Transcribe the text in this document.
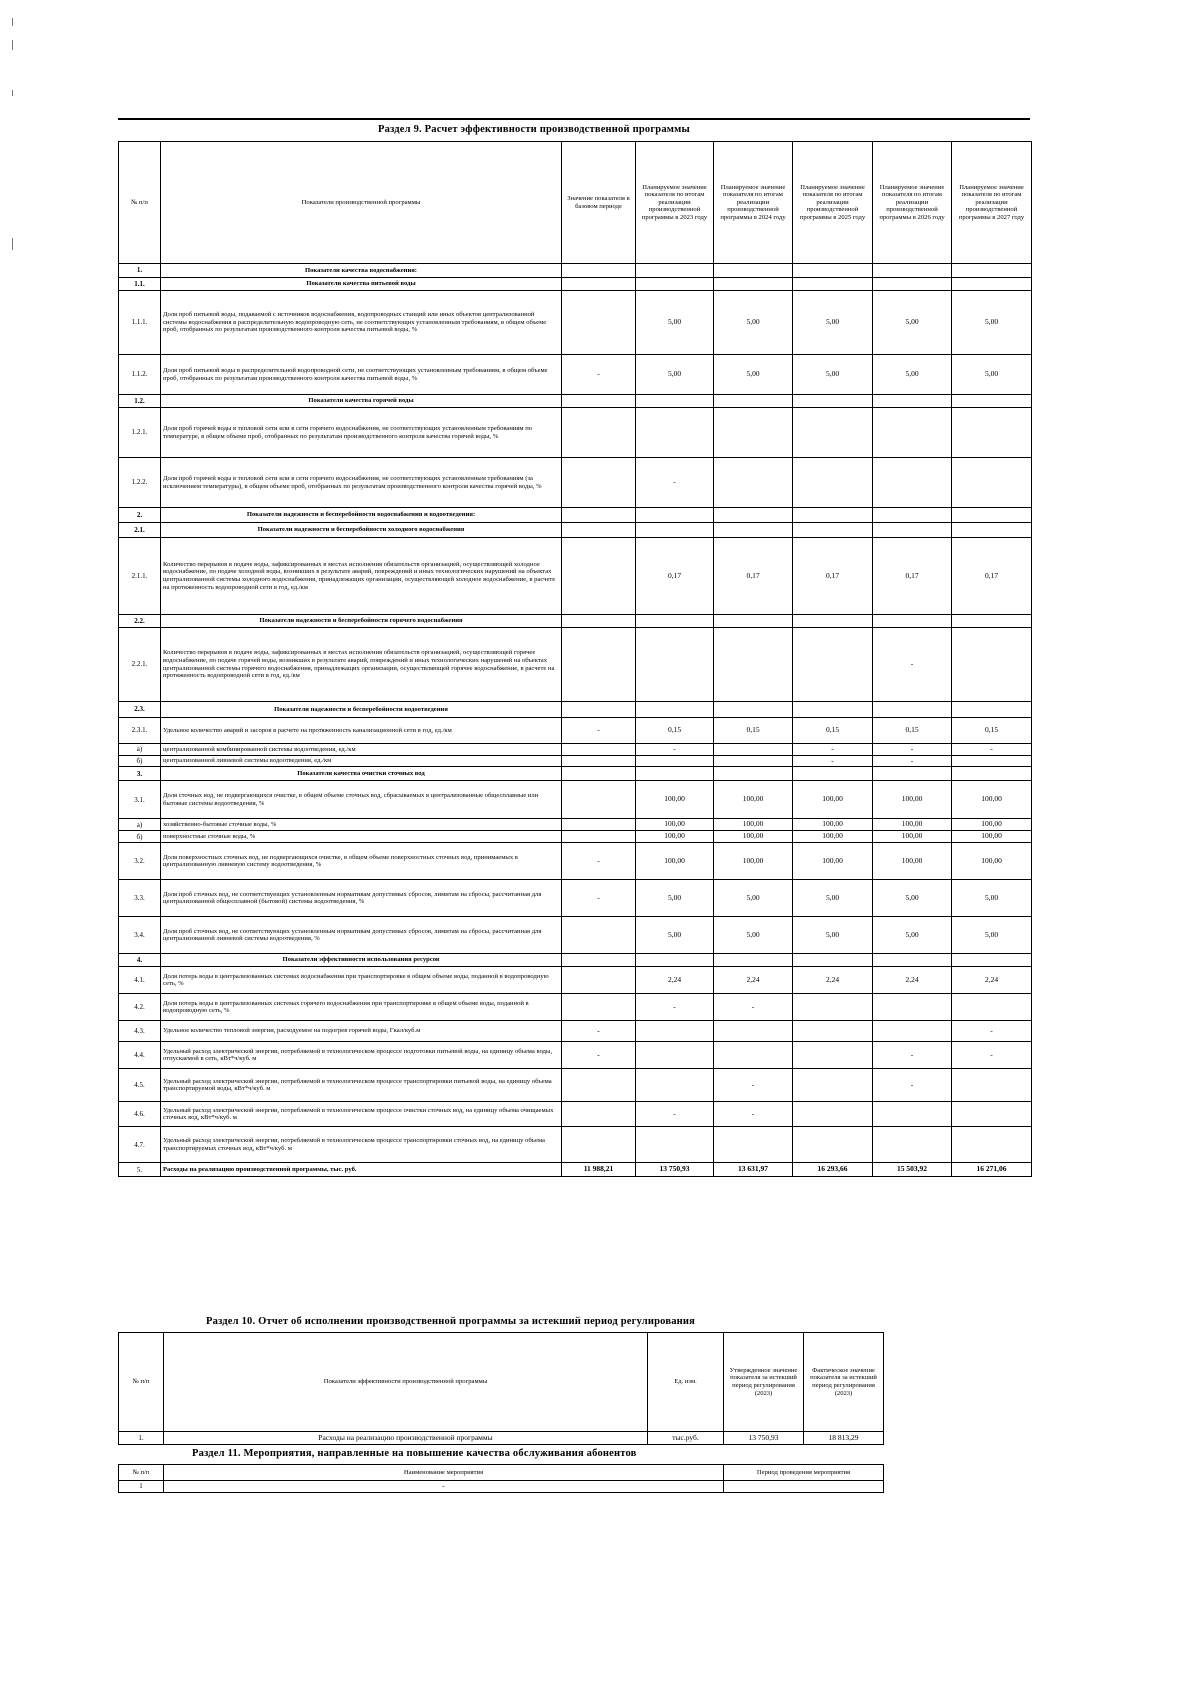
Раздел 9. Расчет эффективности производственной программы
№ п/п	Показатели производственной программы	Значение показателя в базовом периоде	Планируемое значение показателя по итогам реализации производственной программы в 2023 году	Планируемое значение показателя по итогам реализации производственной программы в 2024 году	Планируемое значение показателя по итогам реализации производственной программы в 2025 году	Планируемое значение показателя по итогам реализации производственной программы в 2026 году	Планируемое значение показателя по итогам реализации производственной программы в 2027 году
1.	Показатели качества водоснабжения:						
1.1.	Показатели качества питьевой воды						
1.1.1.	Доля проб питьевой воды, подаваемой с источников водоснабжения, водопроводных станций или иных объектов централизованной системы водоснабжения в распределительную водопроводную сеть, не соответствующих установленным требованиям, в общем объеме проб, отобранных по результатам производственного контроля качества питьевой воды, %		5,00	5,00	5,00	5,00	5,00
1.1.2.	Доля проб питьевой воды в распределительной водопроводной сети, не соответствующих установленным требованиям, в общем объеме проб, отобранных по результатам производственного контроля качества питьевой воды, %	-	5,00	5,00	5,00	5,00	5,00
1.2.	Показатели качества горячей воды						
1.2.1.	Доля проб горячей воды в тепловой сети или в сети горячего водоснабжения, не соответствующих установленным требованиям по температуре, в общем объеме проб, отобранных по результатам производственного контроля качества горячей воды, %						
1.2.2.	Доля проб горячей воды в тепловой сети или в сети горячего водоснабжения, не соответствующих установленным требованиям (за исключением температуры), в общем объеме проб, отобранных по результатам производственного контроля качества горячей воды, %		-				
2.	Показатели надежности и бесперебойности водоснабжения и водоотведения:						
2.1.	Показатели надежности и бесперебойности холодного водоснабжения						
2.1.1.	Количество перерывов в подаче воды, зафиксированных в местах исполнения обязательств организацией, осуществляющей холодное водоснабжение, по подаче холодной воды, возникших в результате аварий, повреждений и иных технологических нарушений на объектах централизованной системы холодного водоснабжения, принадлежащих организации, осуществляющей холодное водоснабжение, в расчете на протяженность водопроводной сети в год, ед./км		0,17	0,17	0,17	0,17	0,17
2.2.	Показатели надежности и бесперебойности горячего водоснабжения						
2.2.1.	Количество перерывов в подаче воды, зафиксированных в местах исполнения обязательств организацией, осуществляющей горячее водоснабжение, по подаче горячей воды, возникших в результате аварий, повреждений и иных технологических нарушений на объектах централизованной системы горячего водоснабжения, принадлежащих организации, осуществляющей горячее водоснабжение, в расчете на протяженность водопроводной сети в год, ед./км					-	
2.3.	Показатели надежности и бесперебойности водоотведения						
2.3.1.	Удельное количество аварий и засоров в расчете на протяженность канализационной сети в год, ед./км	-	0,15	0,15	0,15	0,15	0,15
а)	централизованной комбинированной системы водоотведения, ед./км		-		-	-	-
б)	централизованной ливневой системы водоотведения, ед./км				-	-	
3.	Показатели качества очистки сточных вод						
3.1.	Доля сточных вод, не подвергающихся очистке, в общем объеме сточных вод, сбрасываемых в централизованные общесплавные или бытовые системы водоотведения, %		100,00	100,00	100,00	100,00	100,00
а)	хозяйственно-бытовые сточные воды, %		100,00	100,00	100,00	100,00	100,00
б)	поверхностные сточные воды, %		100,00	100,00	100,00	100,00	100,00
3.2.	Доля поверхностных сточных вод, не подвергающихся очистке, в общем объеме поверхностных сточных вод, принимаемых в централизованную ливневую систему водоотведения, %	-	100,00	100,00	100,00	100,00	100,00
3.3.	Доля проб сточных вод, не соответствующих установленным нормативам допустимых сбросов, лимитам на сбросы, рассчитанная для централизованной общесплавной (бытовой) системы водоотведения, %	-	5,00	5,00	5,00	5,00	5,00
3.4.	Доля проб сточных вод, не соответствующих установленным нормативам допустимых сбросов, лимитам на сбросы, рассчитанная для централизованной ливневой системы водоотведения, %		5,00	5,00	5,00	5,00	5,00
4.	Показатели эффективности использования ресурсов						
4.1.	Доля потерь воды в централизованных системах водоснабжения при транспортировке в общем объеме воды, поданной в водопроводную сеть, %		2,24	2,24	2,24	2,24	2,24
4.2.	Доля потерь воды в централизованных системах горячего водоснабжения при транспортировке в общем объеме воды, поданной в водопроводную сеть, %		-	-			
4.3.	Удельное количество тепловой энергии, расходуемое на подогрев горячей воды, Гкал/куб.м	-					-
4.4.	Удельный расход электрической энергии, потребляемой в технологическом процессе подготовки питьевой воды, на единицу объема воды, отпускаемой в сеть, кВт*ч/куб. м	-				-	-
4.5.	Удельный расход электрической энергии, потребляемой в технологическом процессе транспортировки питьевой воды, на единицу объема транспортируемой воды, кВт*ч/куб. м			-		-	
4.6.	Удельный расход электрической энергии, потребляемой в технологическом процессе очистки сточных вод, на единицу объема очищаемых сточных вод, кВт*ч/куб. м		-	-			
4.7.	Удельный расход электрической энергии, потребляемой в технологическом процессе транспортировки сточных вод, на единицу объема транспортируемых сточных вод, кВт*ч/куб. м						
5.	Расходы на реализацию производственной программы, тыс. руб.	11 988,21	13 750,93	13 631,97	16 293,66	15 503,92	16 271,06
Раздел 10. Отчет об исполнении производственной программы за истекший период регулирования
№ п/п	Показатели эффективности производственной программы	Ед. изм.	Утвержденное значение показателя за истекший период регулирования (2023)	Фактическое значение показателя за истекший период регулирования (2023)
1.	Расходы на реализацию производственной программы	тыс.руб.	13 750,93	18 813,29
Раздел 11. Мероприятия, направленные на повышение качества обслуживания абонентов
№ п/п	Наименование мероприятия	Период проведения мероприятия
1	-	
